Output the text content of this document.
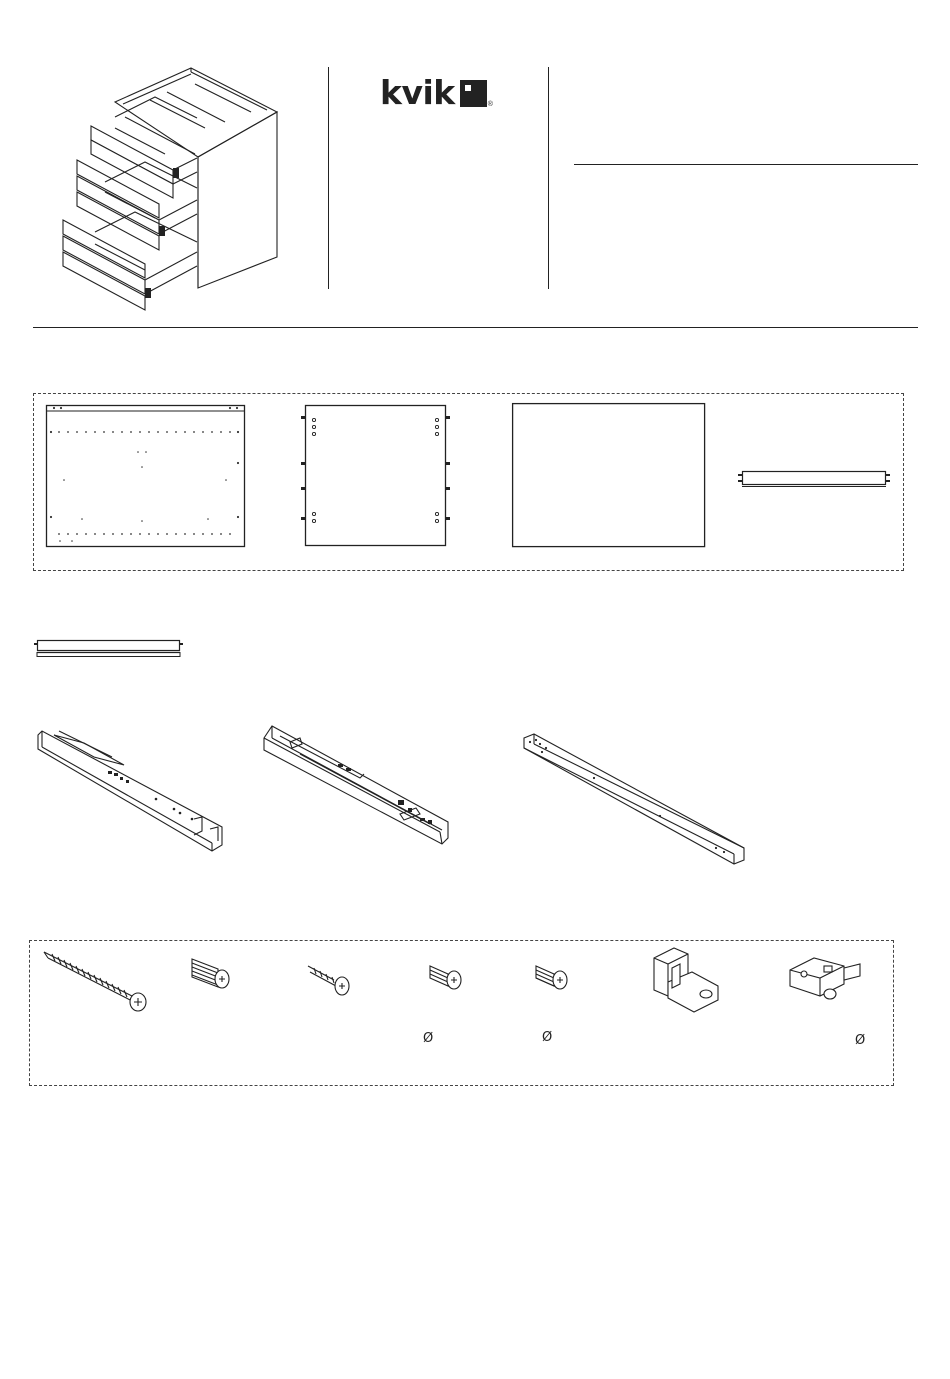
kvik	®
Ø	Ø	Ø
